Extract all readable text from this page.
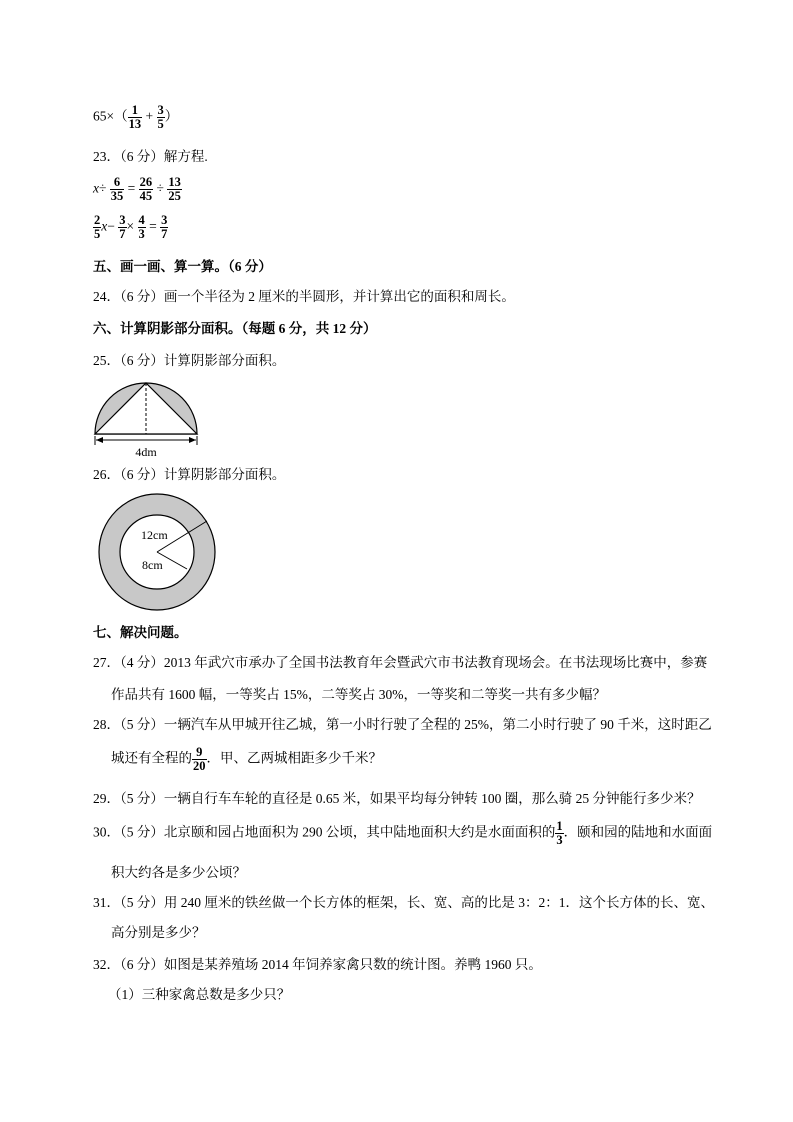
$65\times( \frac{1}{13} + \frac{3}{5}$ ）
23．（6 分）解方程.
$x\div \frac{6}{35} = \frac{26}{45} \div \frac{13}{25}$
$\frac{2}{5} x- \frac{3}{7} \times \frac{4}{3} = \frac{3}{7}$
五、画一画、算一算。（6 分）
24．（6 分）画一个半径为 2 厘米的半圆形，并计算出它的面积和周长。
六、计算阴影部分面积。（每题 6 分，共 12 分）
25．（6 分）计算阴影部分面积。
4dm
26．（6 分）计算阴影部分面积。
12cm
8cm
七、解决问题。
27．（4 分）2013 年武穴市承办了全国书法教育年会暨武穴市书法教育现场会。在书法现场比赛中，参赛
作品共有 1600 幅，一等奖占 15%，二等奖占 30%，一等奖和二等奖一共有多少幅？
28．（5 分）一辆汽车从甲城开往乙城，第一小时行驶了全程的 25%，第二小时行驶了 90 千米，这时距乙
城还有全程的 $\frac{9}{20}$ ．甲、乙两城相距多少千米？
29．（5 分）一辆自行车车轮的直径是 0.65 米，如果平均每分钟转 100 圈，那么骑 25 分钟能行多少米？
30．（5 分）北京颐和园占地面积为 290 公顷，其中陆地面积大约是水面面积的 $\frac{1}{3}$ ．颐和园的陆地和水面面
积大约各是多少公顷？
31．（5 分）用 240 厘米的铁丝做一个长方体的框架，长、宽、高的比是 3：2：1．这个长方体的长、宽、
高分别是多少？
32．（6 分）如图是某养殖场 2014 年饲养家禽只数的统计图。养鸭 1960 只。
（1）三种家禽总数是多少只？
